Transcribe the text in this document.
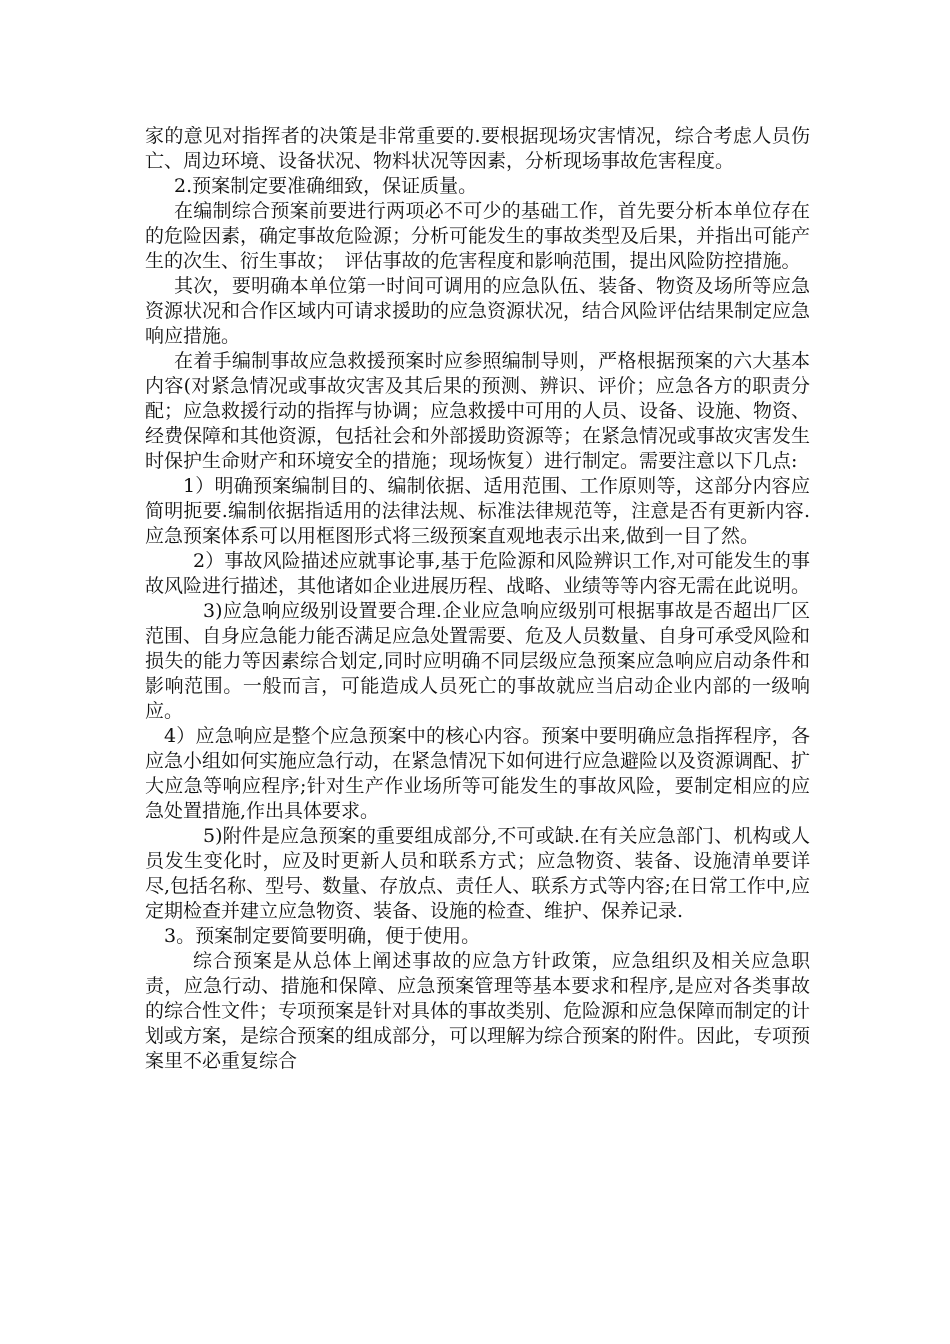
家的意见对指挥者的决策是非常重要的.要根据现场灾害情况，综合考虑人员伤亡、周边环境、设备状况、物料状况等因素，分析现场事故危害程度。

2.预案制定要准确细致，保证质量。

在编制综合预案前要进行两项必不可少的基础工作，首先要分析本单位存在的危险因素，确定事故危险源；分析可能发生的事故类型及后果，并指出可能产生的次生、衍生事故；　评估事故的危害程度和影响范围，提出风险防控措施。

其次，要明确本单位第一时间可调用的应急队伍、装备、物资及场所等应急资源状况和合作区域内可请求援助的应急资源状况，结合风险评估结果制定应急响应措施。

在着手编制事故应急救援预案时应参照编制导则，严格根据预案的六大基本内容(对紧急情况或事故灾害及其后果的预测、辨识、评价；应急各方的职责分配；应急救援行动的指挥与协调；应急救援中可用的人员、设备、设施、物资、经费保障和其他资源，包括社会和外部援助资源等；在紧急情况或事故灾害发生时保护生命财产和环境安全的措施；现场恢复）进行制定。需要注意以下几点:

1）明确预案编制目的、编制依据、适用范围、工作原则等，这部分内容应简明扼要.编制依据指适用的法律法规、标准法律规范等，注意是否有更新内容.应急预案体系可以用框图形式将三级预案直观地表示出来,做到一目了然。

2）事故风险描述应就事论事,基于危险源和风险辨识工作,对可能发生的事故风险进行描述，其他诸如企业进展历程、战略、业绩等等内容无需在此说明。

3)应急响应级别设置要合理.企业应急响应级别可根据事故是否超出厂区范围、自身应急能力能否满足应急处置需要、危及人员数量、自身可承受风险和损失的能力等因素综合划定,同时应明确不同层级应急预案应急响应启动条件和影响范围。一般而言，可能造成人员死亡的事故就应当启动企业内部的一级响应。

4）应急响应是整个应急预案中的核心内容。预案中要明确应急指挥程序，各应急小组如何实施应急行动，在紧急情况下如何进行应急避险以及资源调配、扩大应急等响应程序;针对生产作业场所等可能发生的事故风险，要制定相应的应急处置措施,作出具体要求。

5)附件是应急预案的重要组成部分,不可或缺.在有关应急部门、机构或人员发生变化时，应及时更新人员和联系方式；应急物资、装备、设施清单要详尽,包括名称、型号、数量、存放点、责任人、联系方式等内容;在日常工作中,应定期检查并建立应急物资、装备、设施的检查、维护、保养记录.

3。预案制定要简要明确，便于使用。

综合预案是从总体上阐述事故的应急方针政策，应急组织及相关应急职责，应急行动、措施和保障、应急预案管理等基本要求和程序,是应对各类事故的综合性文件；专项预案是针对具体的事故类别、危险源和应急保障而制定的计划或方案，是综合预案的组成部分，可以理解为综合预案的附件。因此，专项预案里不必重复综合
